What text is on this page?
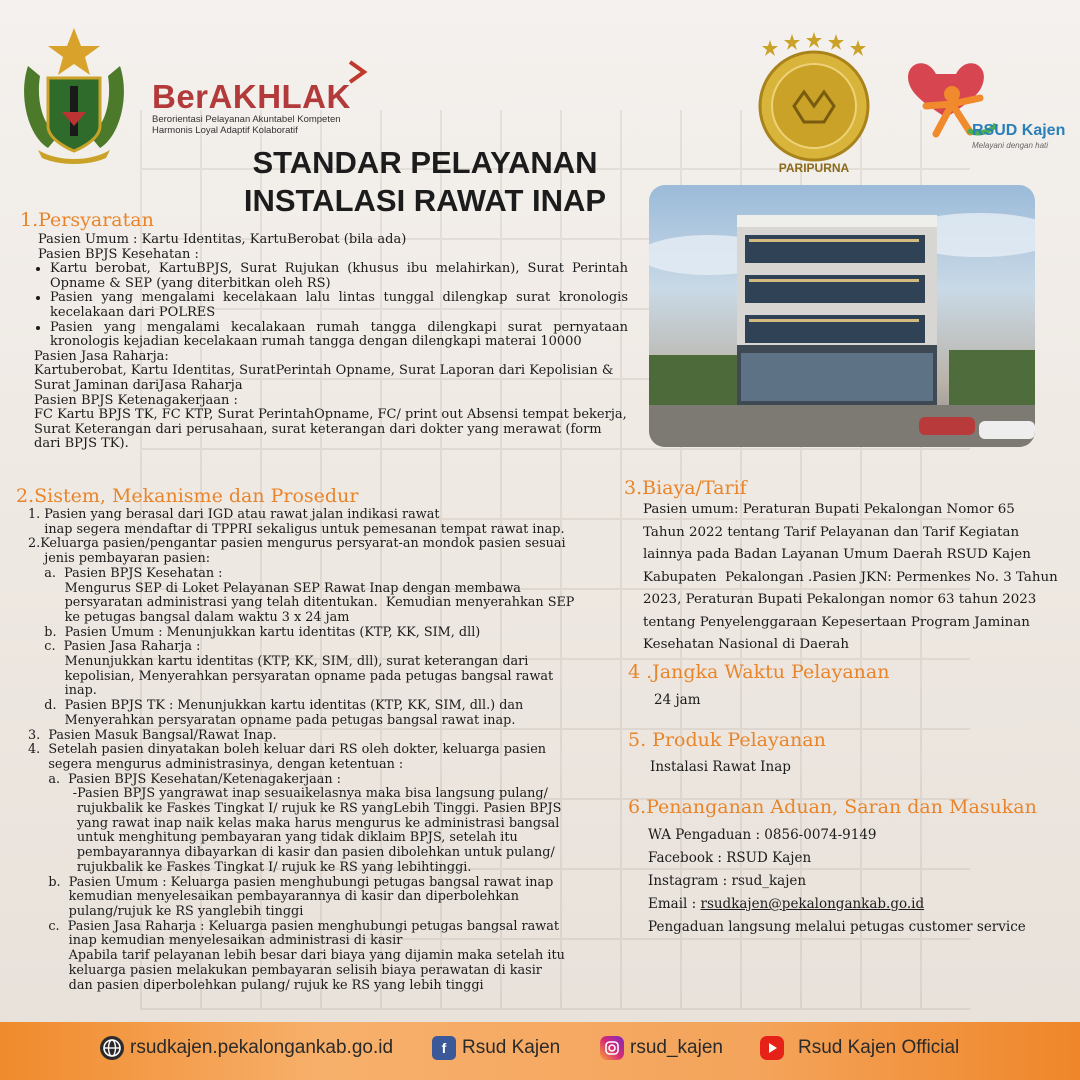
BerAKHLAK
Berorientasi Pelayanan Akuntabel Kompeten
Harmonis Loyal Adaptif Kolaboratif
STANDAR PELAYANAN
INSTALASI RAWAT INAP
PARIPURNA
RSUD Kajen
Melayani dengan hati
1.Persyaratan
Pasien Umum : Kartu Identitas, KartuBerobat (bila ada)
Pasien BPJS Kesehatan :
• Kartu berobat, KartuBPJS, Surat Rujukan (khusus ibu melahirkan), Surat Perintah Opname & SEP (yang diterbitkan oleh RS)
• Pasien yang mengalami kecelakaan lalu lintas tunggal dilengkap surat kronologis kecelakaan dari POLRES
• Pasien yang mengalami kecalakaan rumah tangga dilengkapi surat pernyataan kronologis kejadian kecelakaan rumah tangga dengan dilengkapi materai 10000
Pasien Jasa Raharja:
Kartuberobat, Kartu Identitas, SuratPerintah Opname, Surat Laporan dari Kepolisian & Surat Jaminan dariJasa Raharja
Pasien BPJS Ketenagakerjaan :
FC Kartu BPJS TK, FC KTP, Surat PerintahOpname, FC/ print out Absensi tempat bekerja, Surat Keterangan dari perusahaan, surat keterangan dari dokter yang merawat (form dari BPJS TK).
2.Sistem, Mekanisme dan Prosedur
1. Pasien yang berasal dari IGD atau rawat jalan indikasi rawat
inap segera mendaftar di TPPRI sekaligus untuk pemesanan tempat rawat inap.
2.Keluarga pasien/pengantar pasien mengurus persyarat-an mondok pasien sesuai
jenis pembayaran pasien:
a.  Pasien BPJS Kesehatan :
Mengurus SEP di Loket Pelayanan SEP Rawat Inap dengan membawa
persyaratan administrasi yang telah ditentukan.  Kemudian menyerahkan SEP
ke petugas bangsal dalam waktu 3 x 24 jam
b.  Pasien Umum : Menunjukkan kartu identitas (KTP, KK, SIM, dll)
c.  Pasien Jasa Raharja :
Menunjukkan kartu identitas (KTP, KK, SIM, dll), surat keterangan dari
kepolisian, Menyerahkan persyaratan opname pada petugas bangsal rawat
inap.
d.  Pasien BPJS TK : Menunjukkan kartu identitas (KTP, KK, SIM, dll.) dan
Menyerahkan persyaratan opname pada petugas bangsal rawat inap.
3.  Pasien Masuk Bangsal/Rawat Inap.
4.  Setelah pasien dinyatakan boleh keluar dari RS oleh dokter, keluarga pasien
segera mengurus administrasinya, dengan ketentuan :
a.  Pasien BPJS Kesehatan/Ketenagakerjaan :
-Pasien BPJS yangrawat inap sesuaikelasnya maka bisa langsung pulang/
rujukbalik ke Faskes Tingkat I/ rujuk ke RS yangLebih Tinggi. Pasien BPJS
yang rawat inap naik kelas maka harus mengurus ke administrasi bangsal
untuk menghitung pembayaran yang tidak diklaim BPJS, setelah itu
pembayarannya dibayarkan di kasir dan pasien dibolehkan untuk pulang/
rujukbalik ke Faskes Tingkat I/ rujuk ke RS yang lebihtinggi.
b.  Pasien Umum : Keluarga pasien menghubungi petugas bangsal rawat inap
kemudian menyelesaikan pembayarannya di kasir dan diperbolehkan
pulang/rujuk ke RS yanglebih tinggi
c.  Pasien Jasa Raharja : Keluarga pasien menghubungi petugas bangsal rawat
inap kemudian menyelesaikan administrasi di kasir
Apabila tarif pelayanan lebih besar dari biaya yang dijamin maka setelah itu
keluarga pasien melakukan pembayaran selisih biaya perawatan di kasir
dan pasien diperbolehkan pulang/ rujuk ke RS yang lebih tinggi
3.Biaya/Tarif
Pasien umum: Peraturan Bupati Pekalongan Nomor 65
Tahun 2022 tentang Tarif Pelayanan dan Tarif Kegiatan
lainnya pada Badan Layanan Umum Daerah RSUD Kajen
Kabupaten  Pekalongan .Pasien JKN: Permenkes No. 3 Tahun
2023, Peraturan Bupati Pekalongan nomor 63 tahun 2023
tentang Penyelenggaraan Kepesertaan Program Jaminan
Kesehatan Nasional di Daerah
4 .Jangka Waktu Pelayanan
24 jam
5. Produk Pelayanan
Instalasi Rawat Inap
6.Penanganan Aduan, Saran dan Masukan
WA Pengaduan : 0856-0074-9149
Facebook : RSUD Kajen
Instagram : rsud_kajen
Email : rsudkajen@pekalongankab.go.id
Pengaduan langsung melalui petugas customer service
rsudkajen.pekalongankab.go.id	f Rsud Kajen	rsud_kajen	Rsud Kajen Official
